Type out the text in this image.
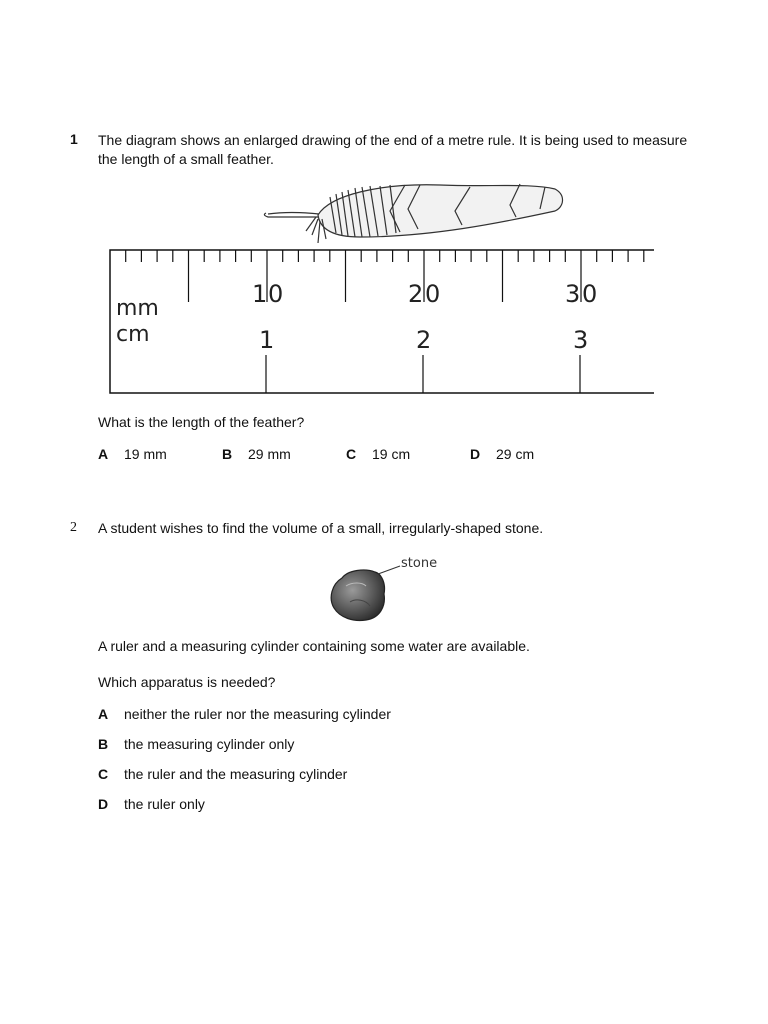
1 The diagram shows an enlarged drawing of the end of a metre rule. It is being used to measure the length of a small feather.
mm
cm
1 0	2 0	3 0
1	2	3
What is the length of the feather?
A 19 mm	B 29 mm	C 19 cm	D 29 cm
2 A student wishes to find the volume of a small, irregularly-shaped stone.
stone
A ruler and a measuring cylinder containing some water are available.
Which apparatus is needed?
A neither the ruler nor the measuring cylinder
B the measuring cylinder only
C the ruler and the measuring cylinder
D the ruler only
